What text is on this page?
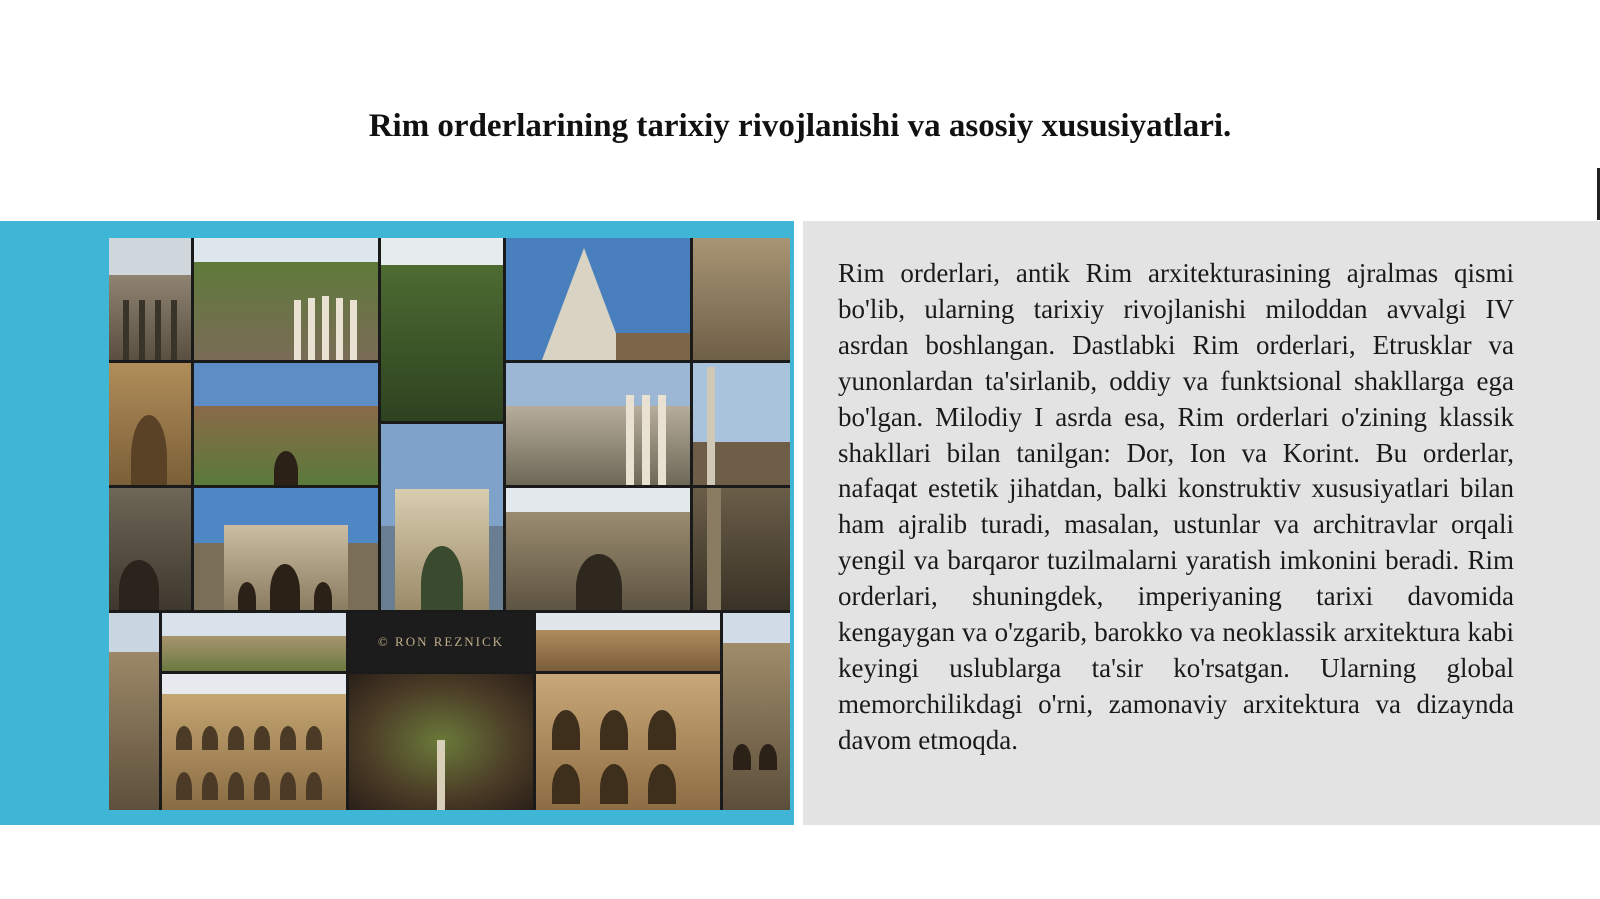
Rim orderlarining tarixiy rivojlanishi va asosiy xususiyatlari.
© RON REZNICK

Rim orderlari, antik Rim arxitekturasining ajralmas qismi bo'lib, ularning tarixiy rivojlanishi miloddan avvalgi IV asrdan boshlangan. Dastlabki Rim orderlari, Etrusklar va yunonlardan ta'sirlanib, oddiy va funktsional shakllarga ega bo'lgan. Milodiy I asrda esa, Rim orderlari o'zining klassik shakllari bilan tanilgan: Dor, Ion va Korint. Bu orderlar, nafaqat estetik jihatdan, balki konstruktiv xususiyatlari bilan ham ajralib turadi, masalan, ustunlar va architravlar orqali yengil va barqaror tuzilmalarni yaratish imkonini beradi. Rim orderlari, shuningdek, imperiyaning tarixi davomida kengaygan va o'zgarib, barokko va neoklassik arxitektura kabi keyingi uslublarga ta'sir ko'rsatgan. Ularning global memorchilikdagi o'rni, zamonaviy arxitektura va dizaynda davom etmoqda.
